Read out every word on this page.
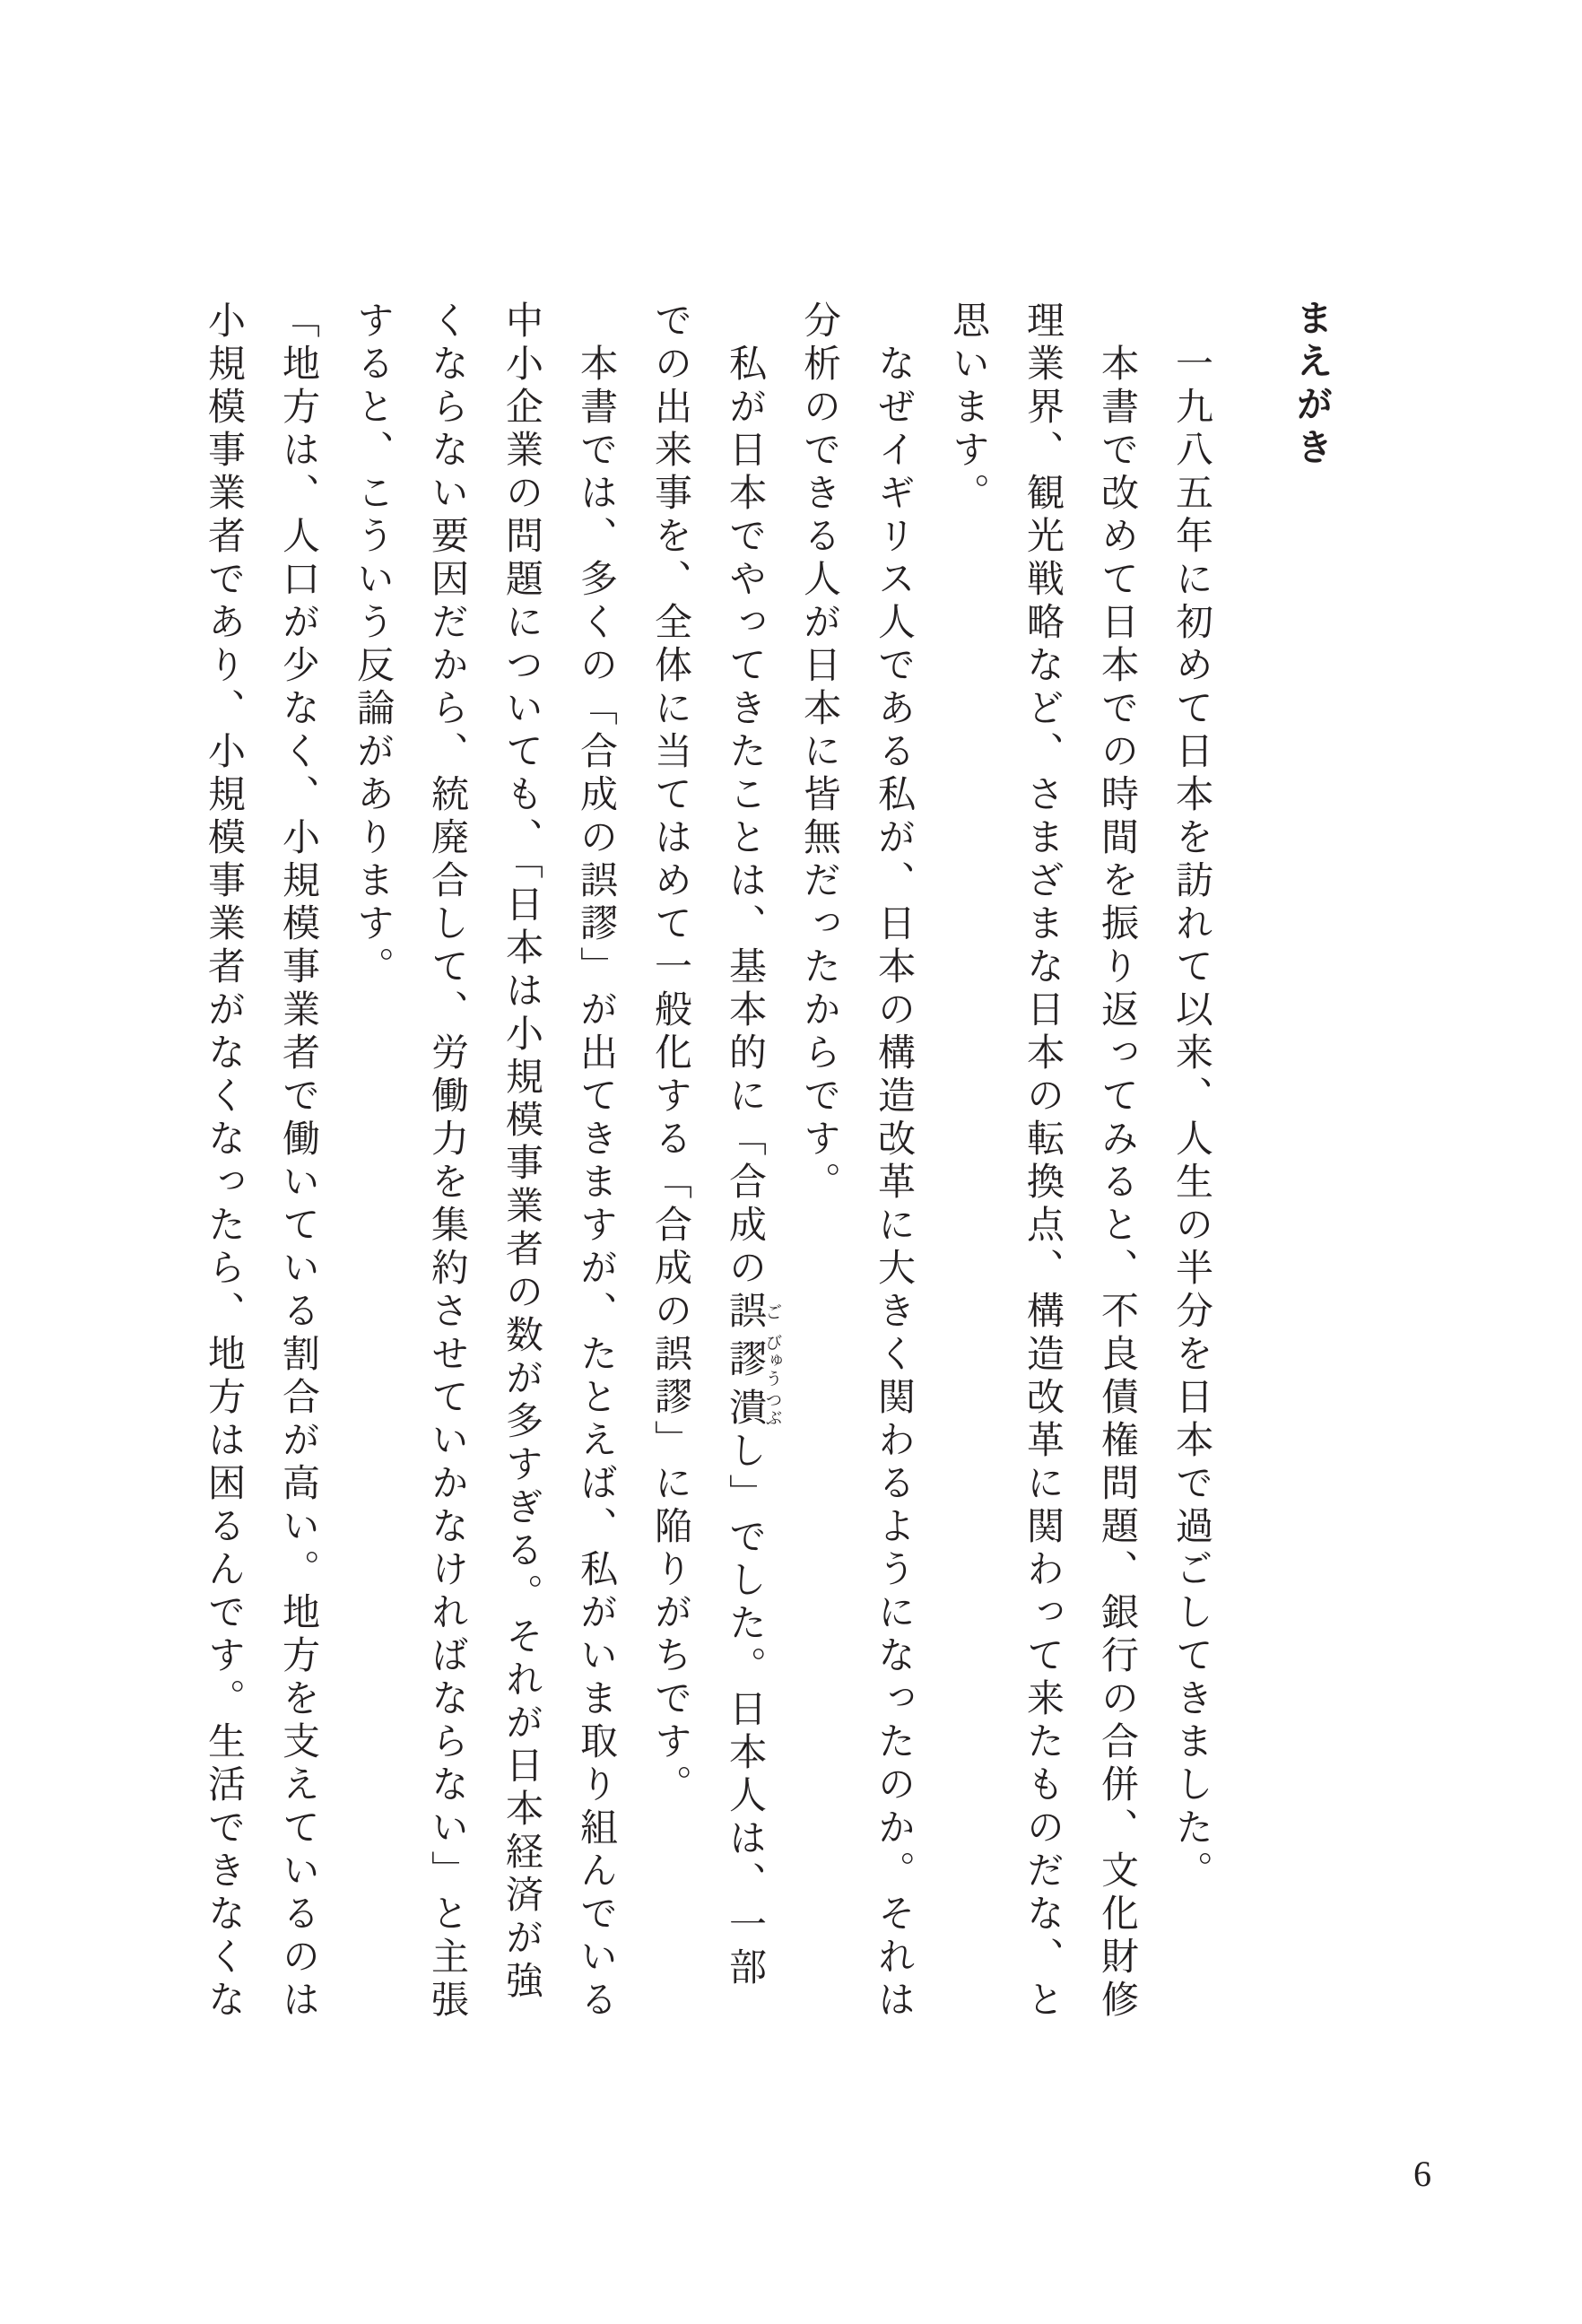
まえがき
一九八五年に初めて日本を訪れて以来、人生の半分を日本で過ごしてきました。
本書で改めて日本での時間を振り返ってみると、不良債権問題、銀行の合併、文化財修
理業界、観光戦略など、さまざまな日本の転換点、構造改革に関わって来たものだな、と
思います。
なぜイギリス人である私が、日本の構造改革に大きく関わるようになったのか。それは
分析のできる人が日本に皆無だったからです。
私が日本でやってきたことは、基本的に「合成の誤ご謬びゅう潰つぶし」でした。日本人は、一部
での出来事を、全体に当てはめて一般化する「合成の誤謬」に陥りがちです。
本書では、多くの「合成の誤謬」が出てきますが、たとえば、私がいま取り組んでいる
中小企業の問題についても、「日本は小規模事業者の数が多すぎる。それが日本経済が強
くならない要因だから、統廃合して、労働力を集約させていかなければならない」と主張
すると、こういう反論があります。
「地方は、人口が少なく、小規模事業者で働いている割合が高い。地方を支えているのは
小規模事業者であり、小規模事業者がなくなったら、地方は困るんです。生活できなくな
6
